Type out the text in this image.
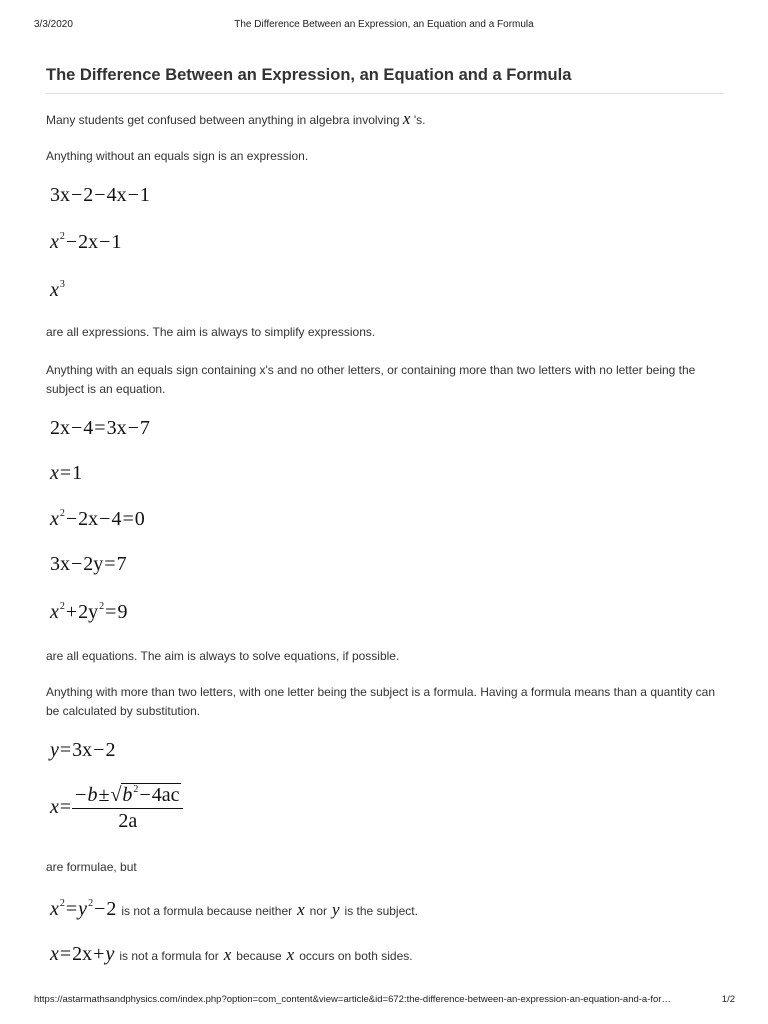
3/3/2020	The Difference Between an Expression, an Equation and a Formula
The Difference Between an Expression, an Equation and a Formula

Many students get confused between anything in algebra involving x 's.

Anything without an equals sign is an expression.

3x−2−4x−1
$x^2-2x-1$
$x^3$

are all expressions. The aim is always to simplify expressions.

Anything with an equals sign containing x's and no other letters, or containing more than two letters with no letter being the subject is an equation.

2x−4=3x−7
x=1
$x^2-2x-4=0$
3x−2y=7
$x^2+2y^2=9$

are all equations. The aim is always to solve equations, if possible.

Anything with more than two letters, with one letter being the subject is a formula. Having a formula means than a quantity can be calculated by substitution.

y=3x−2
$x= \frac{-b\pm√b^2-4ac}{2a}$

are formulae, but

$x^2=y^2-2$ is not a formula because neither x nor y is the subject.
x=2x+y is not a formula for x because x occurs on both sides.
https://astarmathsandphysics.com/index.php?option=com_content&view=article&id=672:the-difference-between-an-expression-an-equation-and-a-for…	1/2
